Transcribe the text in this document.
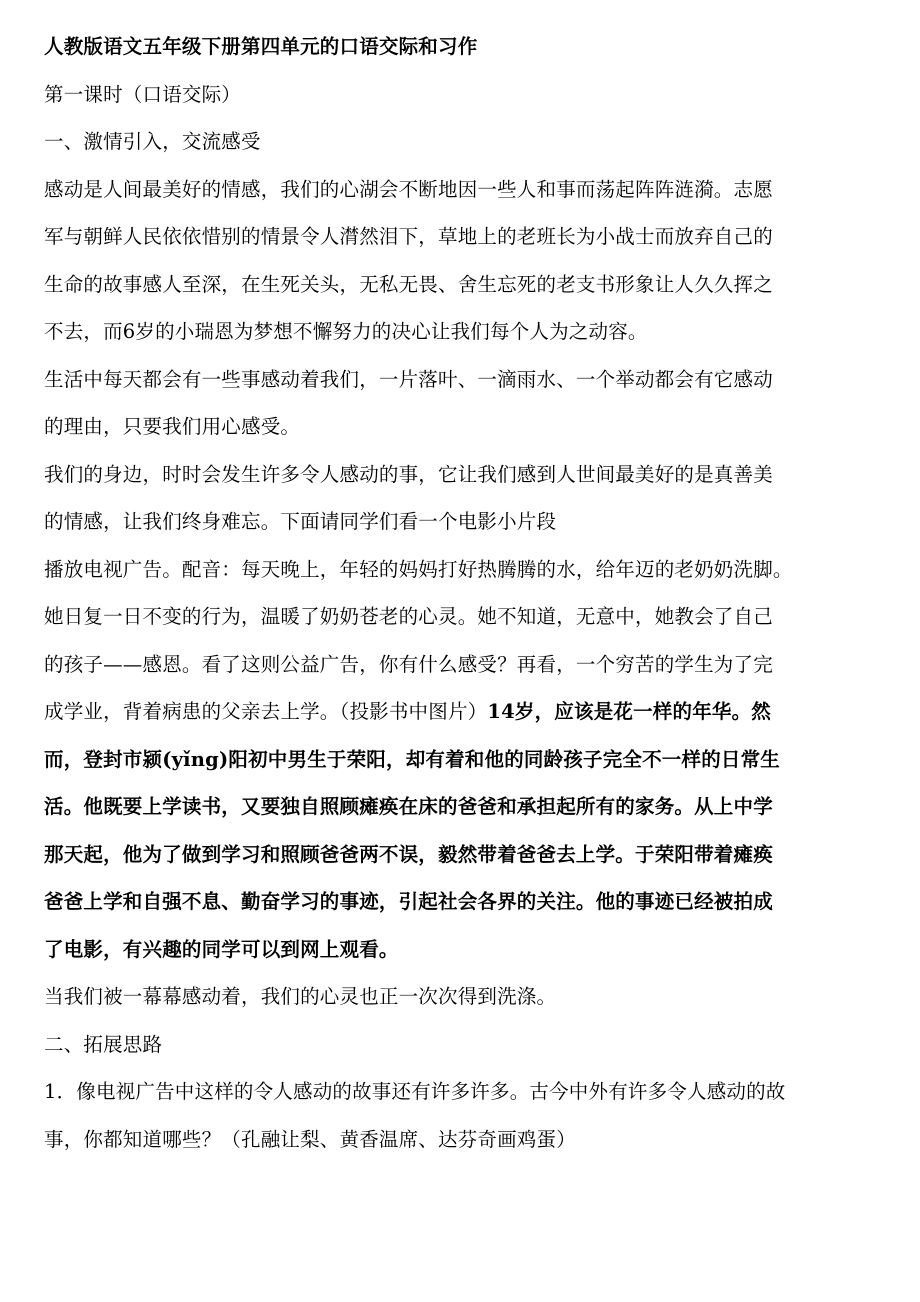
人教版语文五年级下册第四单元的口语交际和习作
第一课时（口语交际）
一、激情引入，交流感受
感动是人间最美好的情感，我们的心湖会不断地因一些人和事而荡起阵阵涟漪。志愿
军与朝鲜人民依依惜别的情景令人潸然泪下，草地上的老班长为小战士而放弃自己的
生命的故事感人至深，在生死关头，无私无畏、舍生忘死的老支书形象让人久久挥之
不去，而6岁的小瑞恩为梦想不懈努力的决心让我们每个人为之动容。
生活中每天都会有一些事感动着我们，一片落叶、一滴雨水、一个举动都会有它感动
的理由，只要我们用心感受。
我们的身边，时时会发生许多令人感动的事，它让我们感到人世间最美好的是真善美
的情感，让我们终身难忘。下面请同学们看一个电影小片段
播放电视广告。配音：每天晚上，年轻的妈妈打好热腾腾的水，给年迈的老奶奶洗脚。
她日复一日不变的行为，温暖了奶奶苍老的心灵。她不知道，无意中，她教会了自己
的孩子——感恩。看了这则公益广告，你有什么感受？再看，一个穷苦的学生为了完
成学业，背着病患的父亲去上学。（投影书中图片）14岁，应该是花一样的年华。然
而，登封市颍(yǐng)阳初中男生于荣阳，却有着和他的同龄孩子完全不一样的日常生
活。他既要上学读书，又要独自照顾瘫痪在床的爸爸和承担起所有的家务。从上中学
那天起，他为了做到学习和照顾爸爸两不误，毅然带着爸爸去上学。于荣阳带着瘫痪
爸爸上学和自强不息、勤奋学习的事迹，引起社会各界的关注。他的事迹已经被拍成
了电影，有兴趣的同学可以到网上观看。
当我们被一幕幕感动着，我们的心灵也正一次次得到洗涤。
二、拓展思路
1．像电视广告中这样的令人感动的故事还有许多许多。古今中外有许多令人感动的故
事，你都知道哪些？（孔融让梨、黄香温席、达芬奇画鸡蛋）
